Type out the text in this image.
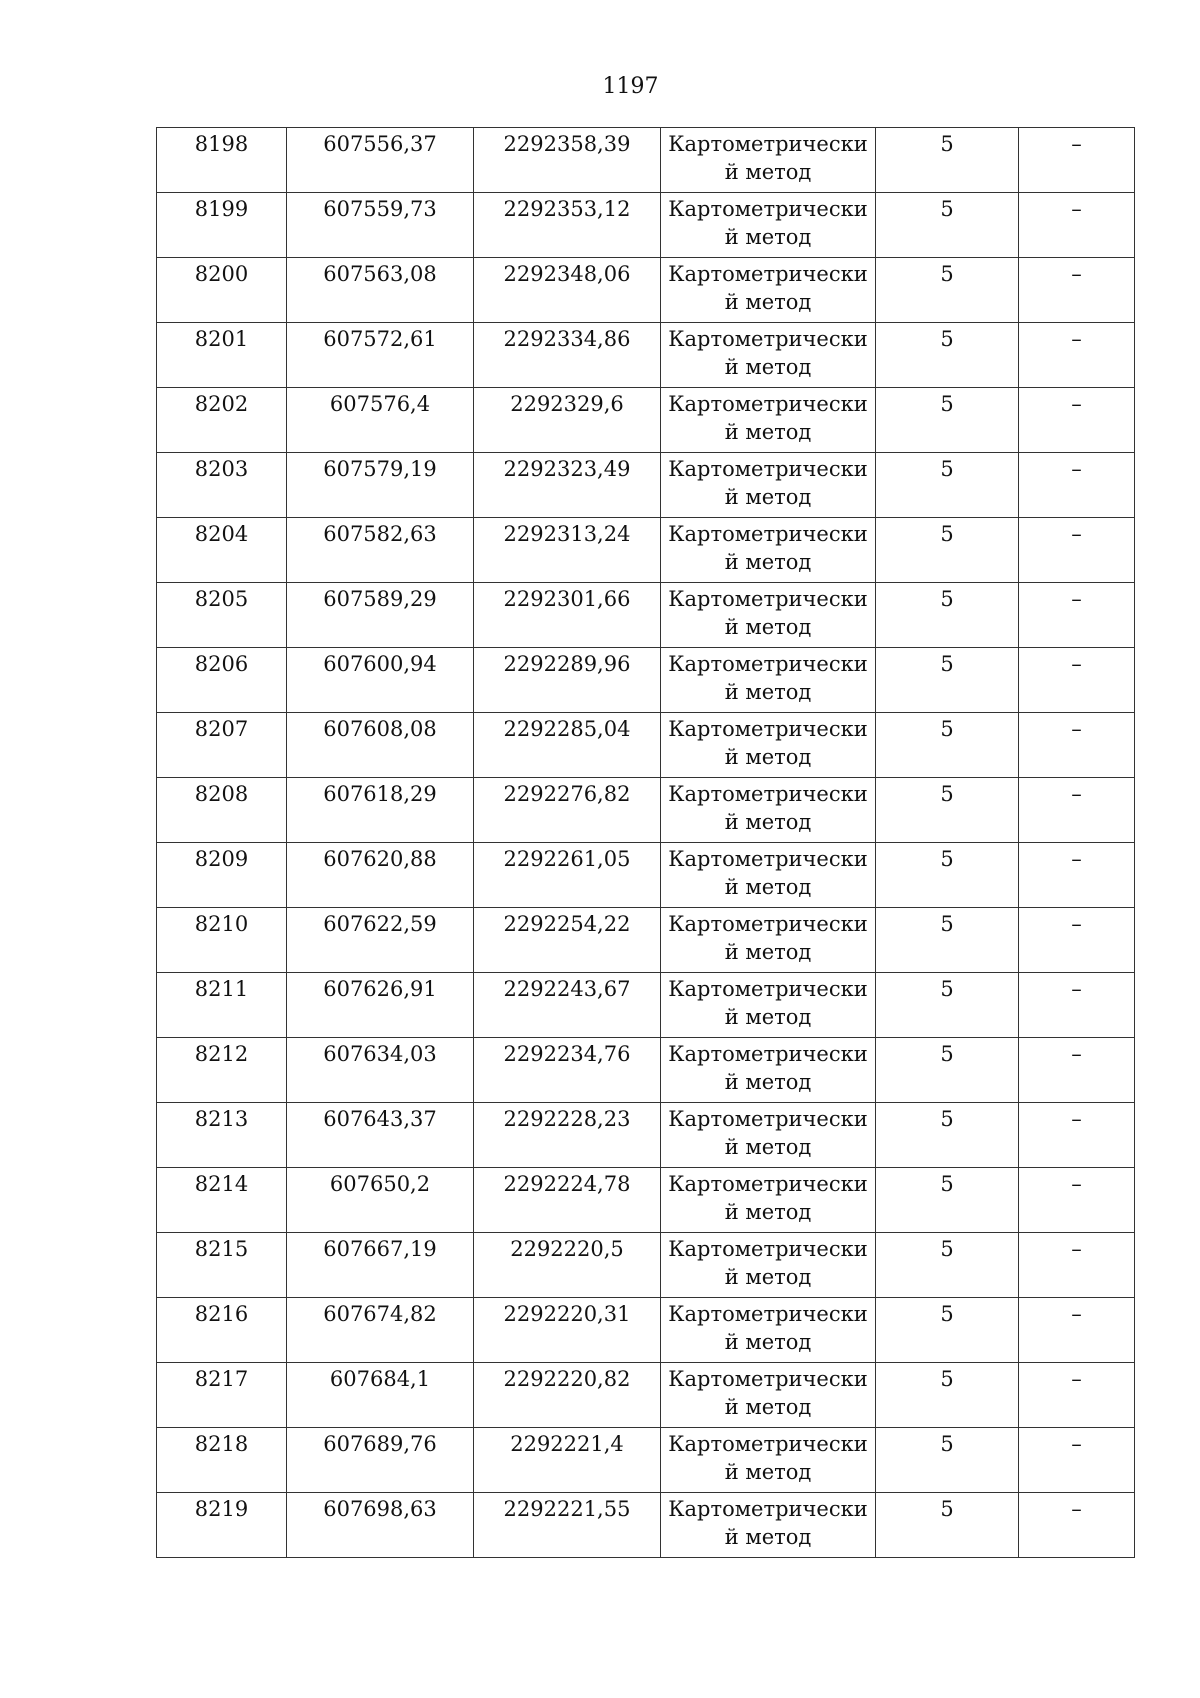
1197
8198	607556,37	2292358,39	Картометрический метод	5	–
8199	607559,73	2292353,12	Картометрический метод	5	–
8200	607563,08	2292348,06	Картометрический метод	5	–
8201	607572,61	2292334,86	Картометрический метод	5	–
8202	607576,4	2292329,6	Картометрический метод	5	–
8203	607579,19	2292323,49	Картометрический метод	5	–
8204	607582,63	2292313,24	Картометрический метод	5	–
8205	607589,29	2292301,66	Картометрический метод	5	–
8206	607600,94	2292289,96	Картометрический метод	5	–
8207	607608,08	2292285,04	Картометрический метод	5	–
8208	607618,29	2292276,82	Картометрический метод	5	–
8209	607620,88	2292261,05	Картометрический метод	5	–
8210	607622,59	2292254,22	Картометрический метод	5	–
8211	607626,91	2292243,67	Картометрический метод	5	–
8212	607634,03	2292234,76	Картометрический метод	5	–
8213	607643,37	2292228,23	Картометрический метод	5	–
8214	607650,2	2292224,78	Картометрический метод	5	–
8215	607667,19	2292220,5	Картометрический метод	5	–
8216	607674,82	2292220,31	Картометрический метод	5	–
8217	607684,1	2292220,82	Картометрический метод	5	–
8218	607689,76	2292221,4	Картометрический метод	5	–
8219	607698,63	2292221,55	Картометрический метод	5	–
